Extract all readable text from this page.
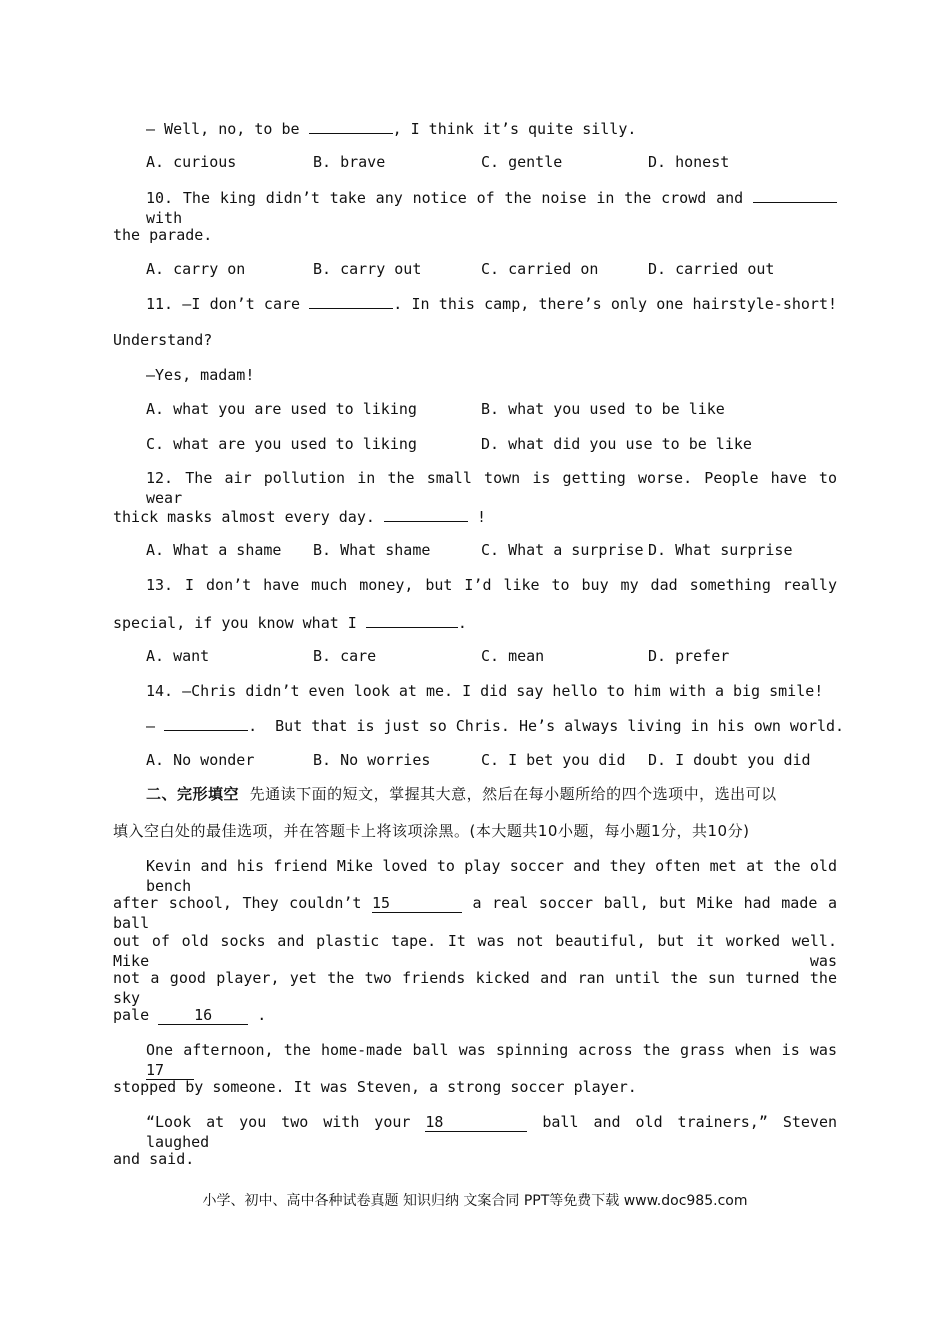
— Well, no, to be	, I think it’s quite silly.
A. curious	B. brave	C. gentle	D. honest
10. The king didn’t take any notice of the noise in the crowd and  with
the parade.
A. carry on	B. carry out	C. carried on	D. carried out
11. —I don’t care	. In this camp, there’s only one hairstyle-short!
Understand?
—Yes, madam!
A. what you are used to liking	B. what you used to be like
C. what are you used to liking	D. what did you use to be like
12. The air pollution in the small town is getting worse. People have to wear
thick masks almost every day.	!
A. What a shame B. What shame	C. What a surprise D. What surprise
13. I don’t have much money, but I’d like to buy my dad something really
special, if you know what I	.
A. want	B. care	C. mean	D. prefer
14. —Chris didn’t even look at me. I did say hello to him with a big smile!
—	.  But that is just so Chris. He’s always living in his own world.
A. No wonder	B. No worries	C. I bet you did D. I doubt you did
二、完形填空 先通读下面的短文，掌握其大意，然后在每小题所给的四个选项中，选出可以
填入空白处的最佳选项，并在答题卡上将该项涂黑。(本大题共10小题，每小题1分，共10分)
Kevin and his friend Mike loved to play soccer and they often met at the old bench
after school, They couldn’t 15	a real soccer ball, but Mike had made a ball
out of old socks and plastic tape. It was not beautiful, but it worked well. Mike was
not a good player, yet the two friends kicked and ran until the sun turned the sky
pale	16	.
One afternoon, the home-made ball was spinning across the grass when is was 17
stopped by someone. It was Steven, a strong soccer player.
“Look at you two with your 18	ball and old trainers,” Steven laughed
and said.
小学、初中、高中各种试卷真题 知识归纳 文案合同 PPT等免费下载 www.doc985.com
